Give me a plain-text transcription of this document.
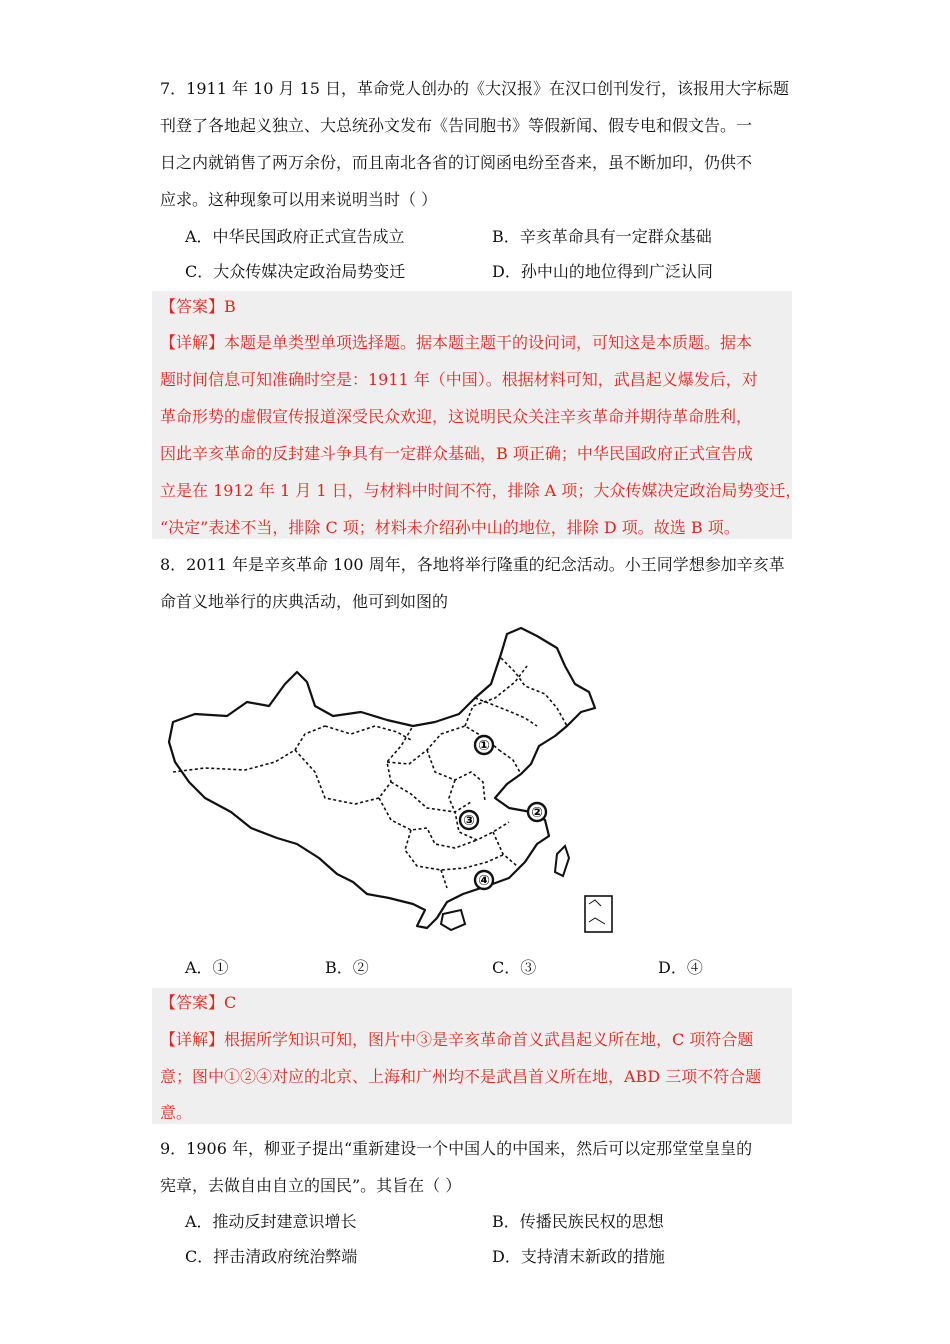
7．1911 年 10 月 15 日，革命党人创办的《大汉报》在汉口创刊发行，该报用大字标题
刊登了各地起义独立、大总统孙文发布《告同胞书》等假新闻、假专电和假文告。一
日之内就销售了两万余份，而且南北各省的订阅函电纷至沓来，虽不断加印，仍供不
应求。这种现象可以用来说明当时（ ）
A．中华民国政府正式宣告成立	B．辛亥革命具有一定群众基础
C．大众传媒决定政治局势变迁	D．孙中山的地位得到广泛认同
【答案】B
【详解】本题是单类型单项选择题。据本题主题干的设问词，可知这是本质题。据本
题时间信息可知准确时空是：1911 年（中国）。根据材料可知，武昌起义爆发后，对
革命形势的虚假宣传报道深受民众欢迎，这说明民众关注辛亥革命并期待革命胜利，
因此辛亥革命的反封建斗争具有一定群众基础，B 项正确；中华民国政府正式宣告成
立是在 1912 年 1 月 1 日，与材料中时间不符，排除 A 项；大众传媒决定政治局势变迁，
“决定”表述不当，排除 C 项；材料未介绍孙中山的地位，排除 D 项。故选 B 项。
8．2011 年是辛亥革命 100 周年，各地将举行隆重的纪念活动。小王同学想参加辛亥革
命首义地举行的庆典活动，他可到如图的
①
②
③
④
A．①	B．②	C．③	D．④
【答案】C
【详解】根据所学知识可知，图片中③是辛亥革命首义武昌起义所在地，C 项符合题
意；图中①②④对应的北京、上海和广州均不是武昌首义所在地，ABD 三项不符合题
意。
9．1906 年，柳亚子提出“重新建设一个中国人的中国来，然后可以定那堂堂皇皇的
宪章，去做自由自立的国民”。其旨在（ ）
A．推动反封建意识增长	B．传播民族民权的思想
C．抨击清政府统治弊端	D．支持清末新政的措施
